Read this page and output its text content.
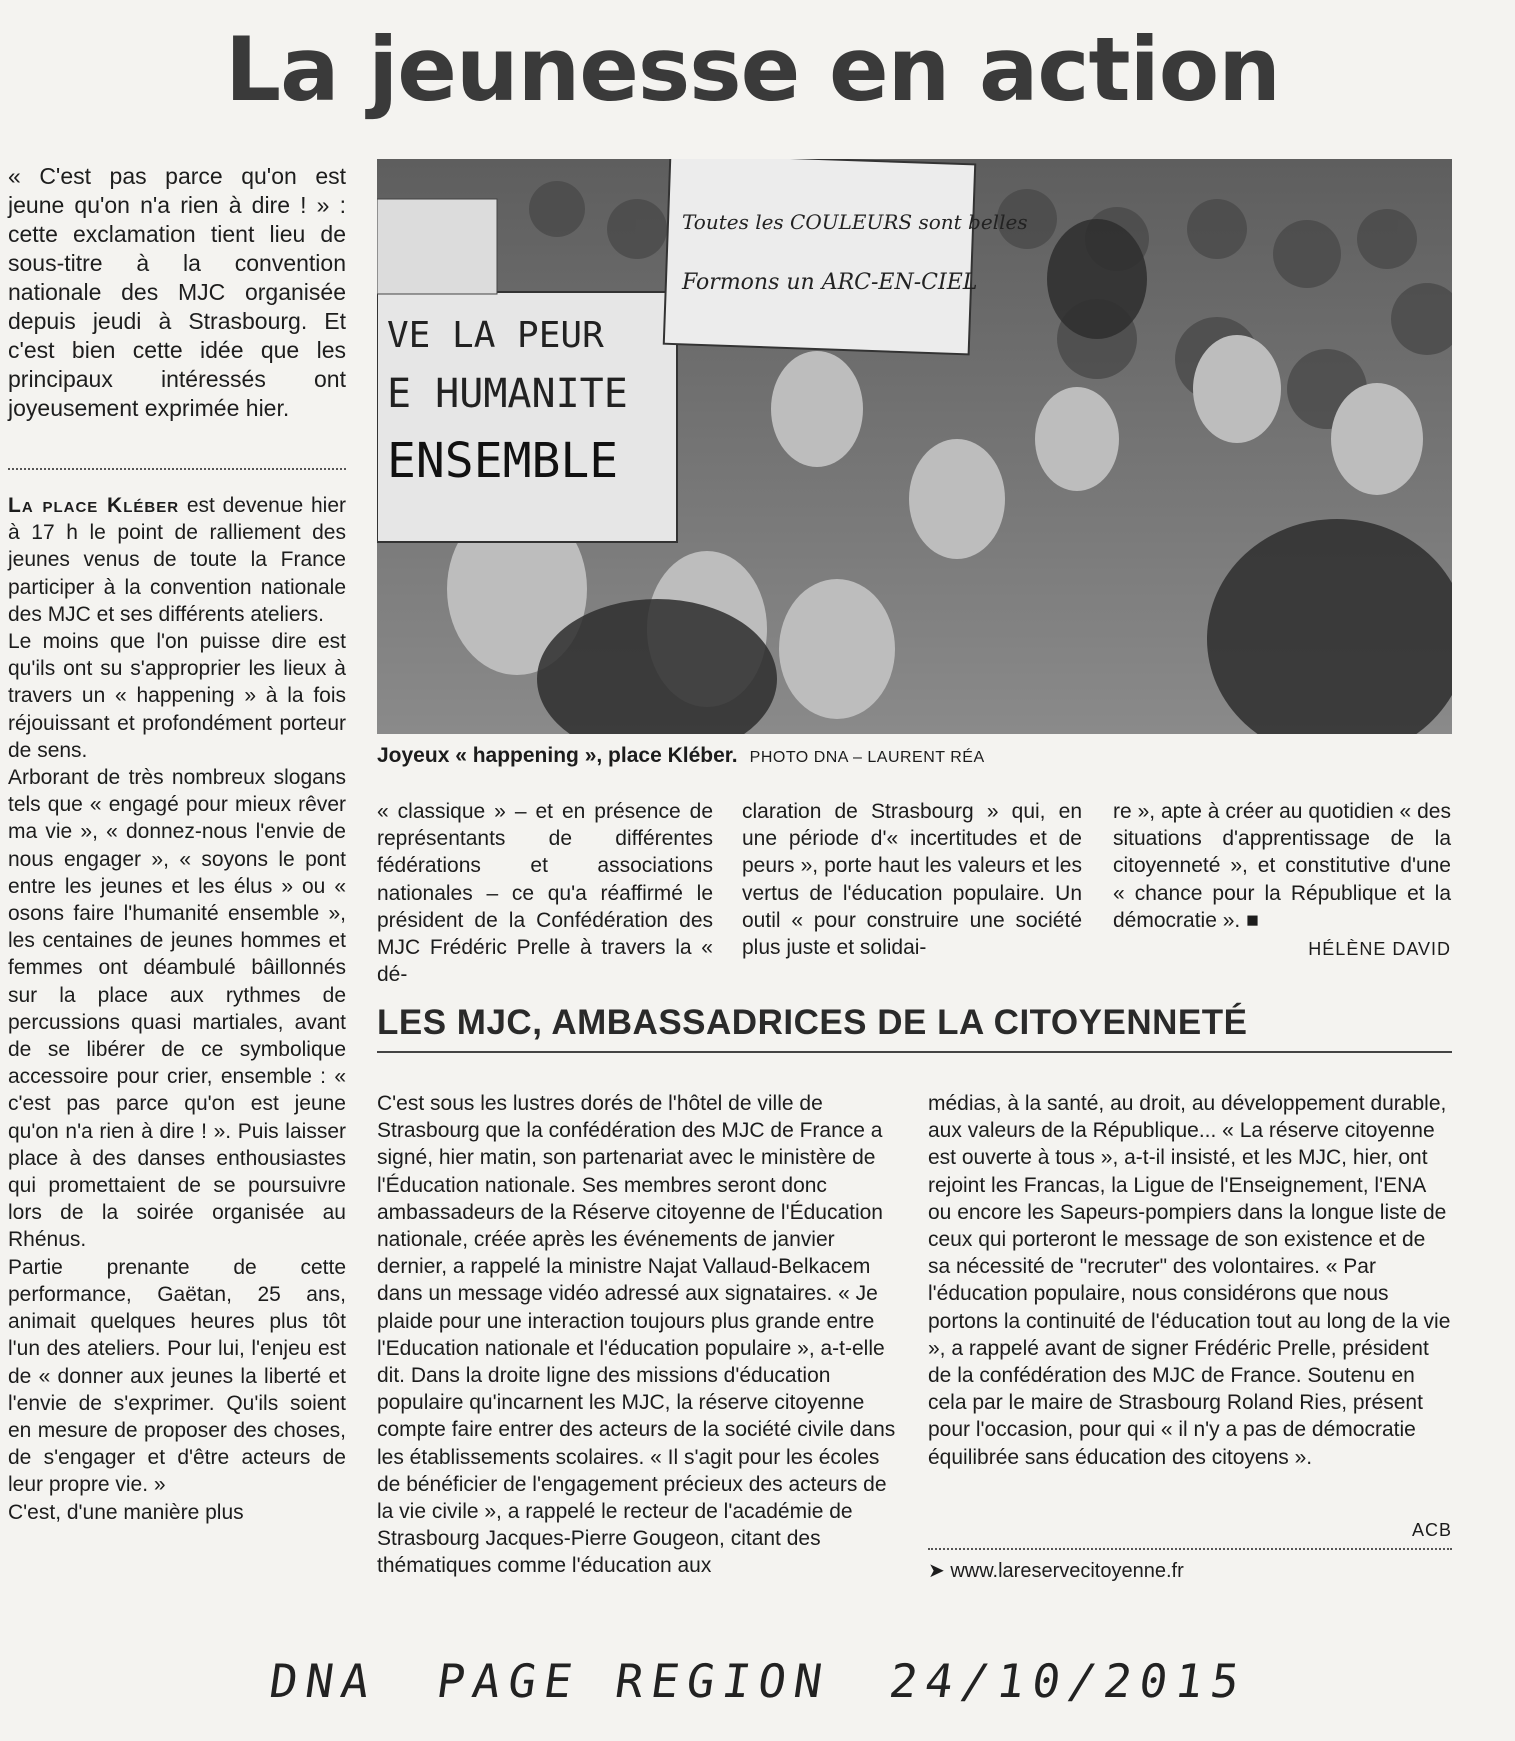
La jeunesse en action

« C'est pas parce qu'on est jeune qu'on n'a rien à dire ! » : cette exclamation tient lieu de sous-titre à la convention nationale des MJC organisée depuis jeudi à Strasbourg. Et c'est bien cette idée que les principaux intéressés ont joyeusement exprimée hier.

La place Kléber est devenue hier à 17 h le point de ralliement des jeunes venus de toute la France participer à la convention nationale des MJC et ses différents ateliers.

Le moins que l'on puisse dire est qu'ils ont su s'approprier les lieux à travers un « happening » à la fois réjouissant et profondément porteur de sens.

Arborant de très nombreux slogans tels que « engagé pour mieux rêver ma vie », « donnez-nous l'envie de nous engager », « soyons le pont entre les jeunes et les élus » ou « osons faire l'humanité ensemble », les centaines de jeunes hommes et femmes ont déambulé bâillonnés sur la place aux rythmes de percussions quasi martiales, avant de se libérer de ce symbolique accessoire pour crier, ensemble : « c'est pas parce qu'on est jeune qu'on n'a rien à dire ! ». Puis laisser place à des danses enthousiastes qui promettaient de se poursuivre lors de la soirée organisée au Rhénus.

Partie prenante de cette performance, Gaëtan, 25 ans, animait quelques heures plus tôt l'un des ateliers. Pour lui, l'enjeu est de « donner aux jeunes la liberté et l'envie de s'exprimer. Qu'ils soient en mesure de proposer des choses, de s'engager et d'être acteurs de leur propre vie. »

C'est, d'une manière plus

VE LA PEUR
E HUMANITE
ENSEMBLE
Toutes les COULEURS sont belles
Formons un ARC-EN-CIEL
Joyeux « happening », place Kléber. PHOTO DNA – LAURENT RÉA
« classique » – et en présence de représentants de différentes fédérations et associations nationales – ce qu'a réaffirmé le président de la Confédération des MJC Frédéric Prelle à travers la « dé-
claration de Strasbourg » qui, en une période d'« incertitudes et de peurs », porte haut les valeurs et les vertus de l'éducation populaire. Un outil « pour construire une société plus juste et solidai-
re », apte à créer au quotidien « des situations d'apprentissage de la citoyenneté », et constitutive d'une « chance pour la République et la démocratie ». ■
HÉLÈNE DAVID
LES MJC, AMBASSADRICES DE LA CITOYENNETÉ
C'est sous les lustres dorés de l'hôtel de ville de Strasbourg que la confédération des MJC de France a signé, hier matin, son partenariat avec le ministère de l'Éducation nationale. Ses membres seront donc ambassadeurs de la Réserve citoyenne de l'Éducation nationale, créée après les événements de janvier dernier, a rappelé la ministre Najat Vallaud-Belkacem dans un message vidéo adressé aux signataires. « Je plaide pour une interaction toujours plus grande entre l'Education nationale et l'éducation populaire », a-t-elle dit. Dans la droite ligne des missions d'éducation populaire qu'incarnent les MJC, la réserve citoyenne compte faire entrer des acteurs de la société civile dans les établissements scolaires. « Il s'agit pour les écoles de bénéficier de l'engagement précieux des acteurs de la vie civile », a rappelé le recteur de l'académie de Strasbourg Jacques-Pierre Gougeon, citant des thématiques comme l'éducation aux
médias, à la santé, au droit, au développement durable, aux valeurs de la République... « La réserve citoyenne est ouverte à tous », a-t-il insisté, et les MJC, hier, ont rejoint les Francas, la Ligue de l'Enseignement, l'ENA ou encore les Sapeurs-pompiers dans la longue liste de ceux qui porteront le message de son existence et de sa nécessité de "recruter" des volontaires. « Par l'éducation populaire, nous considérons que nous portons la continuité de l'éducation tout au long de la vie », a rappelé avant de signer Frédéric Prelle, président de la confédération des MJC de France. Soutenu en cela par le maire de Strasbourg Roland Ries, présent pour l'occasion, pour qui « il n'y a pas de démocratie équilibrée sans éducation des citoyens ».
ACB
➤ www.lareservecitoyenne.fr
DNA PAGE REGION 24/10/2015
